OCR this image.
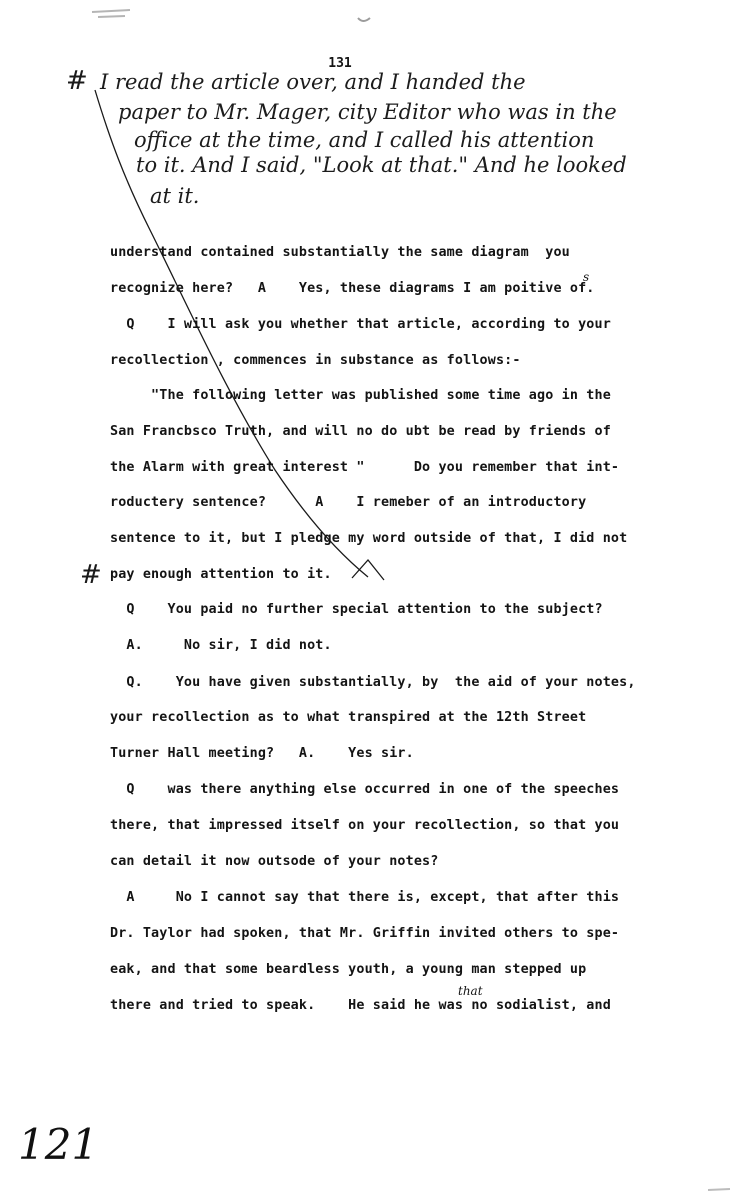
131
# I read the article over, and I handed the
paper to Mr. Mager, city Editor who was in the
office at the time, and I called his attention
to it. And I said, "Look at that." And he looked
at it.
understand contained substantially the same diagram  you
recognize here?   A    Yes, these diagrams I am poitive of.
Q    I will ask you whether that article, according to your
recollection , commences in substance as follows:-
"The following letter was published some time ago in the
San Francbsco Truth, and will no do ubt be read by friends of
the Alarm with great interest "      Do you remember that int-
roductery sentence?      A    I remeber of an introductory
sentence to it, but I pledge my word outside of that, I did not
pay enough attention to it.
Q    You paid no further special attention to the subject?
A.     No sir, I did not.
Q.    You have given substantially, by  the aid of your notes,
your recollection as to what transpired at the 12th Street
Turner Hall meeting?   A.    Yes sir.
Q    was there anything else occurred in one of the speeches
there, that impressed itself on your recollection, so that you
can detail it now outsode of your notes?
A     No I cannot say that there is, except, that after this
Dr. Taylor had spoken, that Mr. Griffin invited others to spe-
eak, and that some beardless youth, a young man stepped up
there and tried to speak.    He said he was no sodialist, and
s
that
#
121
